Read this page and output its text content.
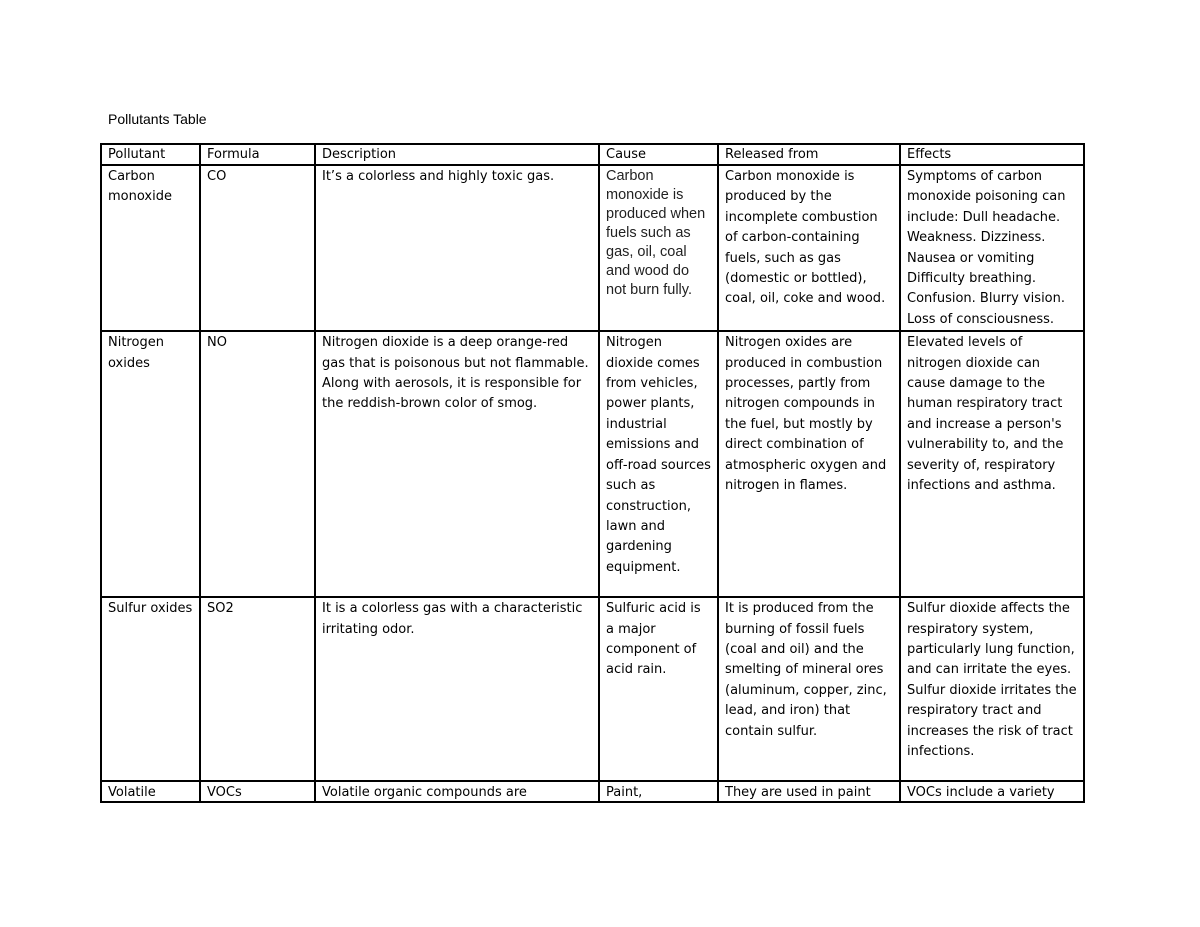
Pollutants Table
Pollutant	Formula	Description	Cause	Released from	Effects
Carbon monoxide	CO	It’s a colorless and highly toxic gas.	Carbon monoxide is produced when fuels such as gas, oil, coal and wood do not burn fully.	Carbon monoxide is produced by the incomplete combustion of carbon-containing fuels, such as gas (domestic or bottled), coal, oil, coke and wood.	Symptoms of carbon monoxide poisoning can include: Dull headache. Weakness. Dizziness. Nausea or vomiting Difficulty breathing. Confusion. Blurry vision. Loss of consciousness.
Nitrogen oxides	NO	Nitrogen dioxide is a deep orange-red gas that is poisonous but not flammable. Along with aerosols, it is responsible for the reddish-brown color of smog.	Nitrogen dioxide comes from vehicles, power plants, industrial emissions and off-road sources such as construction, lawn and gardening equipment.	Nitrogen oxides are produced in combustion processes, partly from nitrogen compounds in the fuel, but mostly by direct combination of atmospheric oxygen and nitrogen in flames.	Elevated levels of nitrogen dioxide can cause damage to the human respiratory tract and increase a person's vulnerability to, and the severity of, respiratory infections and asthma.
Sulfur oxides	SO2	It is a colorless gas with a characteristic irritating odor.	Sulfuric acid is a major component of acid rain.	It is produced from the burning of fossil fuels (coal and oil) and the smelting of mineral ores (aluminum, copper, zinc, lead, and iron) that contain sulfur.	Sulfur dioxide affects the respiratory system, particularly lung function, and can irritate the eyes. Sulfur dioxide irritates the respiratory tract and increases the risk of tract infections.

Volatile	VOCs	Volatile organic compounds are	Paint,	They are used in paint	VOCs include a variety
